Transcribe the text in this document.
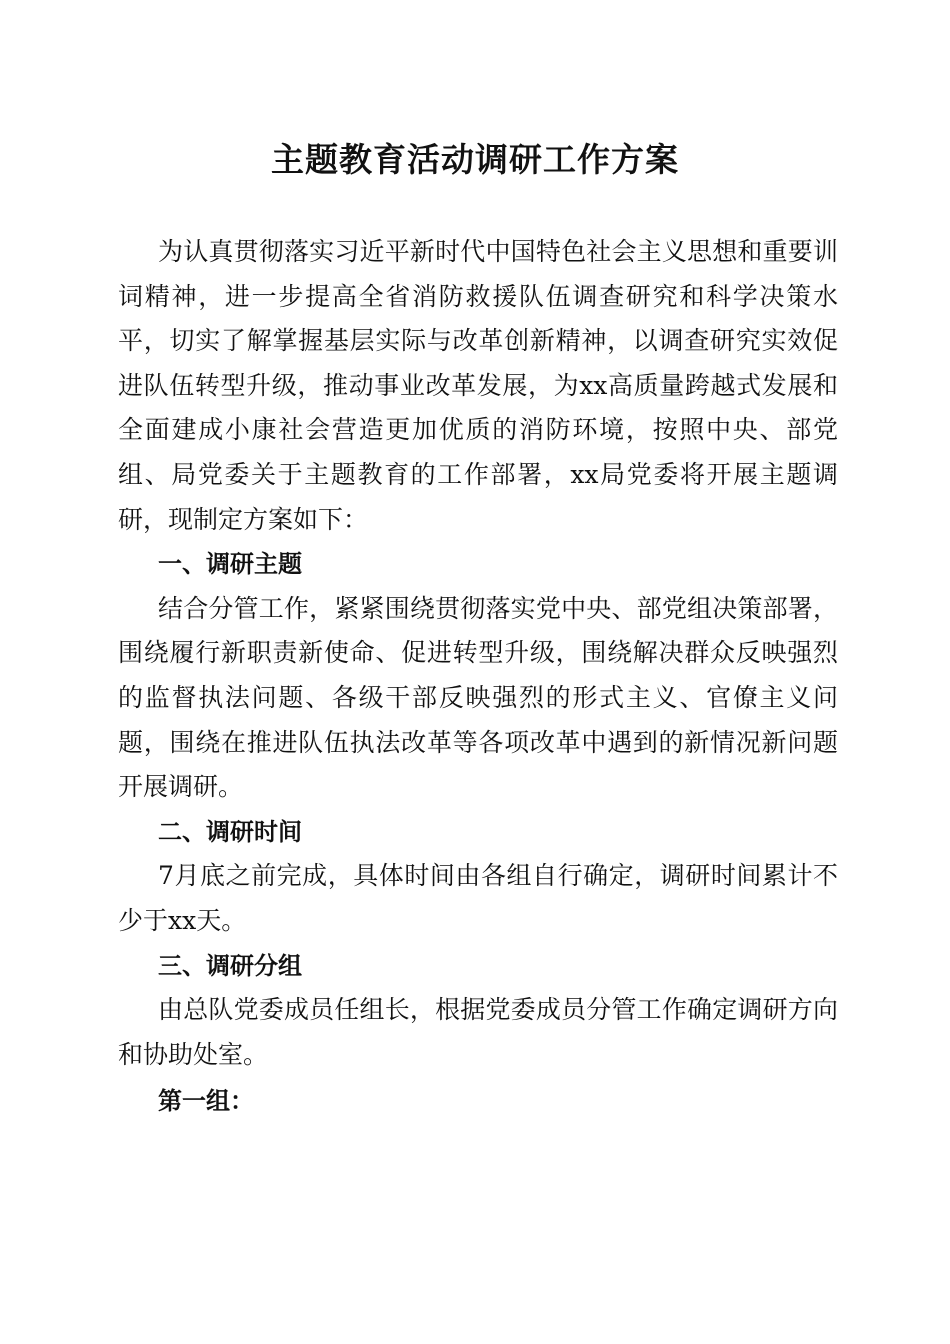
主题教育活动调研工作方案

为认真贯彻落实习近平新时代中国特色社会主义思想和重要训词精神，进一步提高全省消防救援队伍调查研究和科学决策水平，切实了解掌握基层实际与改革创新精神，以调查研究实效促进队伍转型升级，推动事业改革发展，为xx高质量跨越式发展和全面建成小康社会营造更加优质的消防环境，按照中央、部党组、局党委关于主题教育的工作部署，xx局党委将开展主题调研，现制定方案如下：

一、调研主题

结合分管工作，紧紧围绕贯彻落实党中央、部党组决策部署，围绕履行新职责新使命、促进转型升级，围绕解决群众反映强烈的监督执法问题、各级干部反映强烈的形式主义、官僚主义问题，围绕在推进队伍执法改革等各项改革中遇到的新情况新问题开展调研。

二、调研时间

7月底之前完成，具体时间由各组自行确定，调研时间累计不少于xx天。

三、调研分组

由总队党委成员任组长，根据党委成员分管工作确定调研方向和协助处室。

第一组：
